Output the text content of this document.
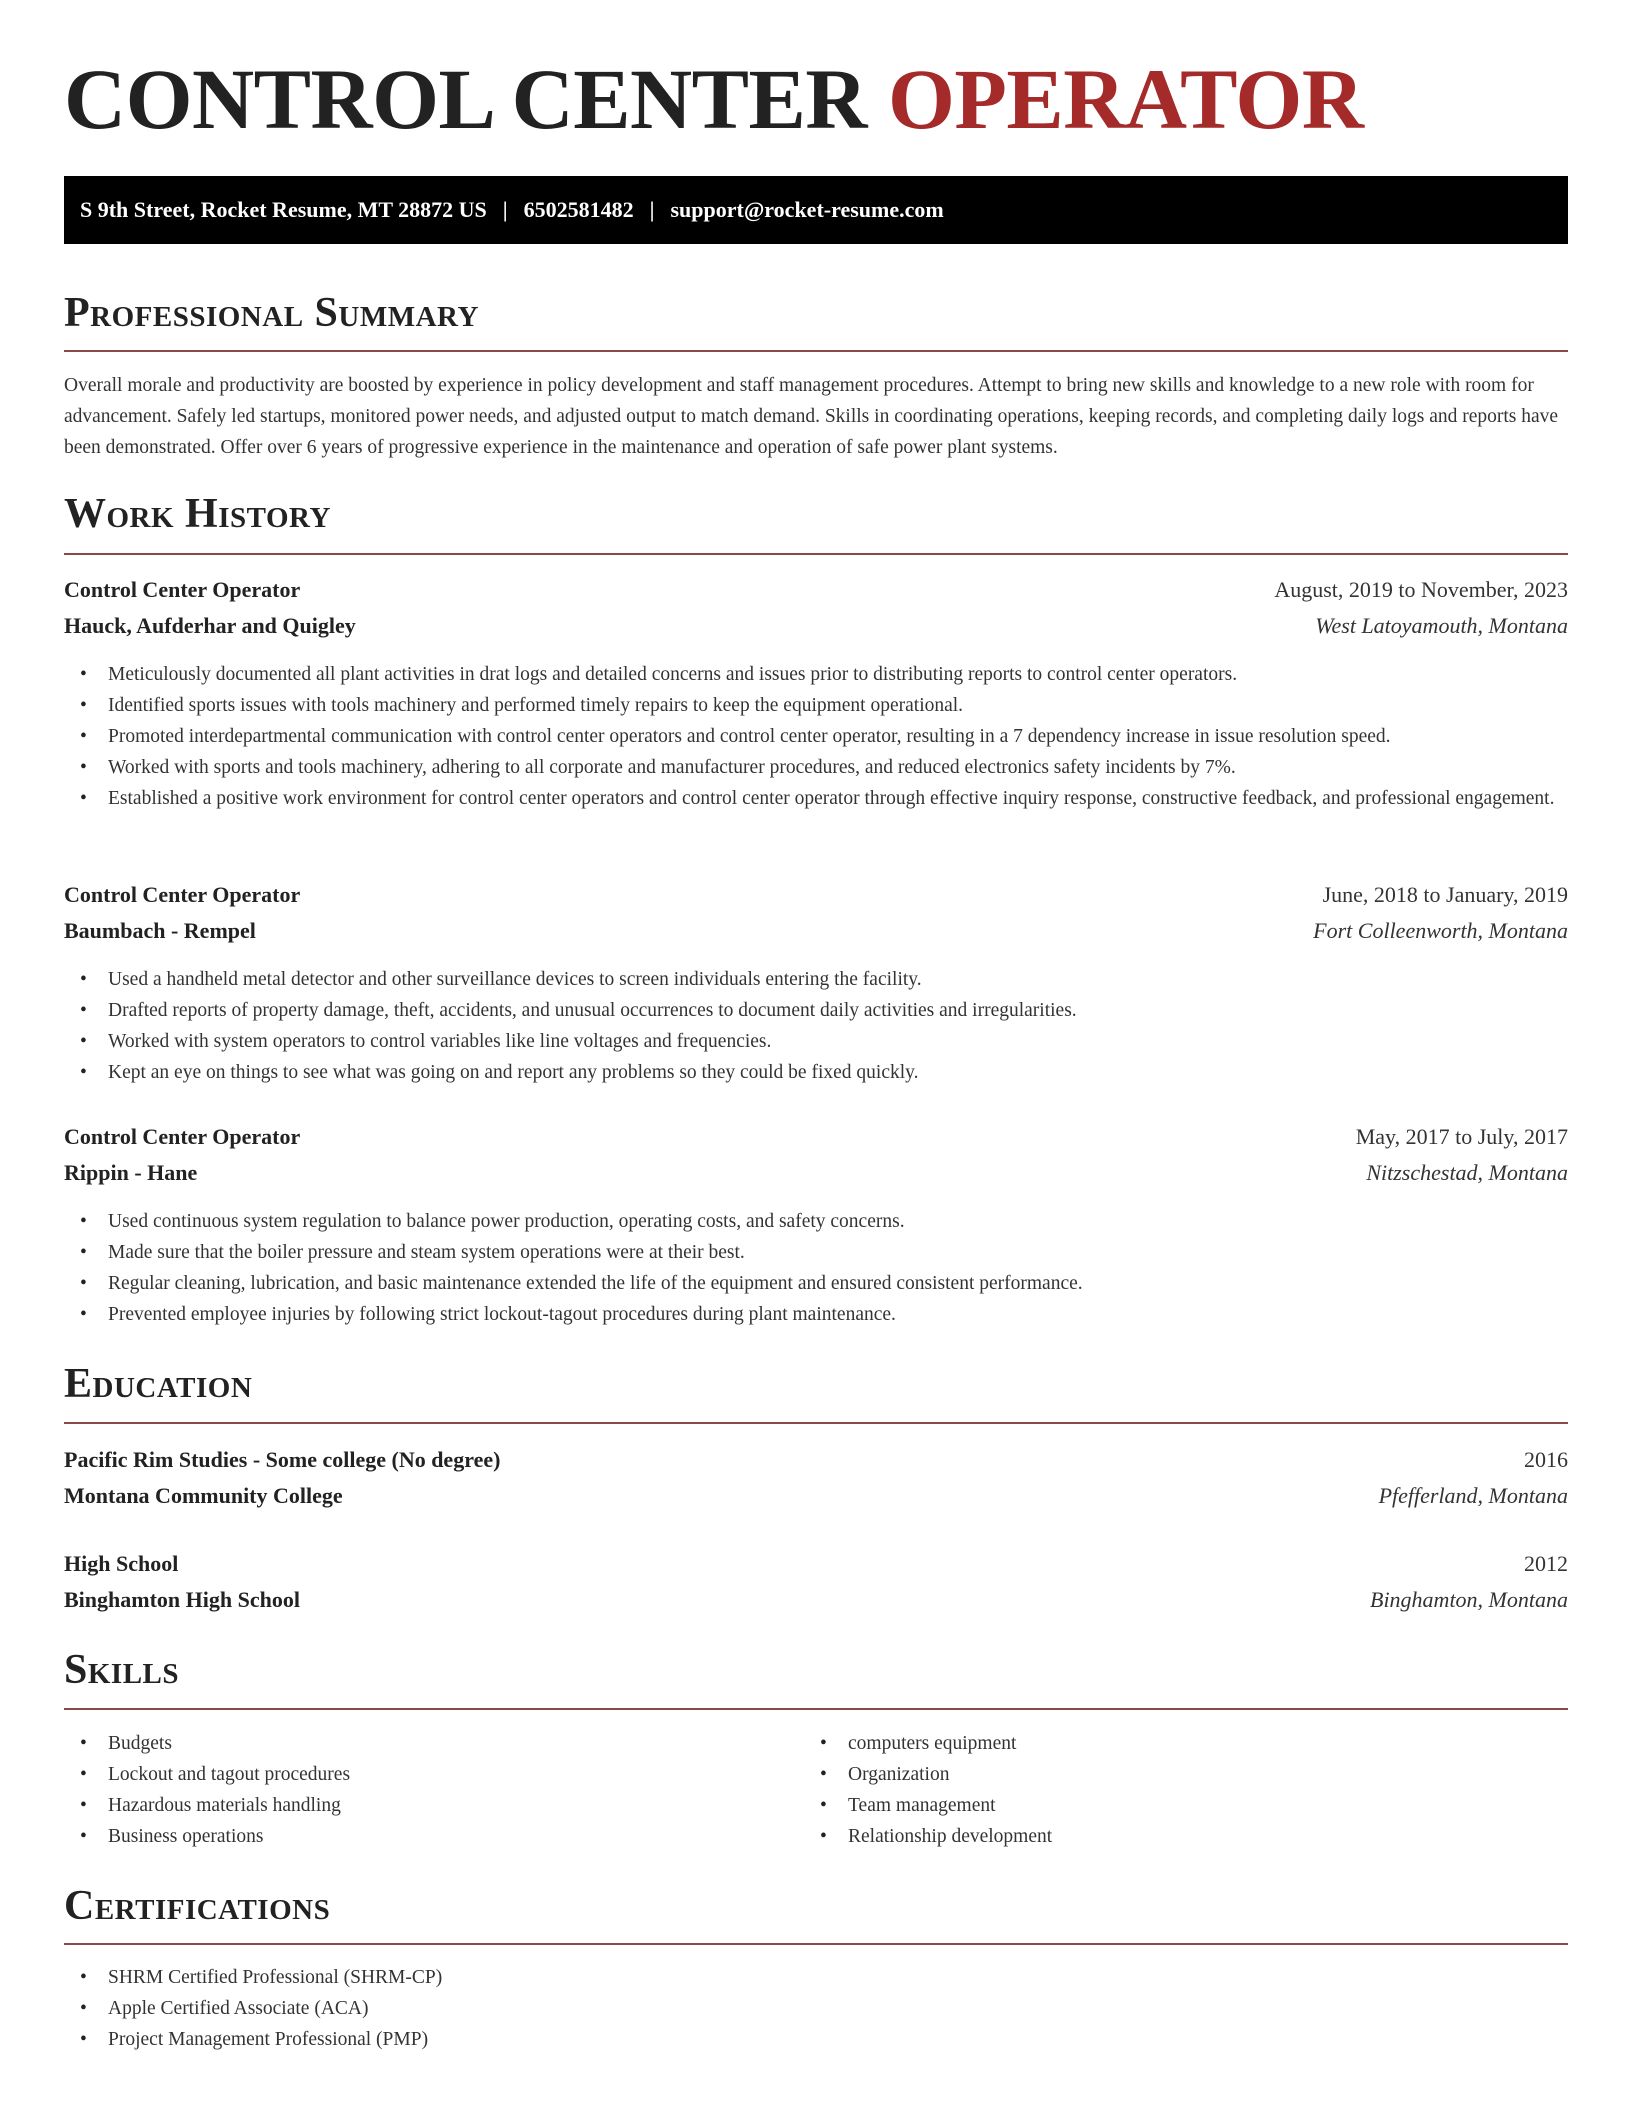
CONTROL CENTER OPERATOR
S 9th Street, Rocket Resume, MT 28872 US | 6502581482 | support@rocket-resume.com
Professional Summary
Overall morale and productivity are boosted by experience in policy development and staff management procedures. Attempt to bring new skills and knowledge to a new role with room for advancement. Safely led startups, monitored power needs, and adjusted output to match demand. Skills in coordinating operations, keeping records, and completing daily logs and reports have been demonstrated. Offer over 6 years of progressive experience in the maintenance and operation of safe power plant systems.
Work History
Control Center Operator	August, 2019 to November, 2023
Hauck, Aufderhar and Quigley	West Latoyamouth, Montana
• Meticulously documented all plant activities in drat logs and detailed concerns and issues prior to distributing reports to control center operators.
• Identified sports issues with tools machinery and performed timely repairs to keep the equipment operational.
• Promoted interdepartmental communication with control center operators and control center operator, resulting in a 7 dependency increase in issue resolution speed.
• Worked with sports and tools machinery, adhering to all corporate and manufacturer procedures, and reduced electronics safety incidents by 7%.
• Established a positive work environment for control center operators and control center operator through effective inquiry response, constructive feedback, and professional engagement.
Control Center Operator	June, 2018 to January, 2019
Baumbach - Rempel	Fort Colleenworth, Montana
• Used a handheld metal detector and other surveillance devices to screen individuals entering the facility.
• Drafted reports of property damage, theft, accidents, and unusual occurrences to document daily activities and irregularities.
• Worked with system operators to control variables like line voltages and frequencies.
• Kept an eye on things to see what was going on and report any problems so they could be fixed quickly.
Control Center Operator	May, 2017 to July, 2017
Rippin - Hane	Nitzschestad, Montana
• Used continuous system regulation to balance power production, operating costs, and safety concerns.
• Made sure that the boiler pressure and steam system operations were at their best.
• Regular cleaning, lubrication, and basic maintenance extended the life of the equipment and ensured consistent performance.
• Prevented employee injuries by following strict lockout-tagout procedures during plant maintenance.
Education
Pacific Rim Studies - Some college (No degree)	2016
Montana Community College	Pfefferland, Montana
High School	2012
Binghamton High School	Binghamton, Montana
Skills
• Budgets
• Lockout and tagout procedures
• Hazardous materials handling
• Business operations
• computers equipment
• Organization
• Team management
• Relationship development
Certifications
• SHRM Certified Professional (SHRM-CP)
• Apple Certified Associate (ACA)
• Project Management Professional (PMP)
